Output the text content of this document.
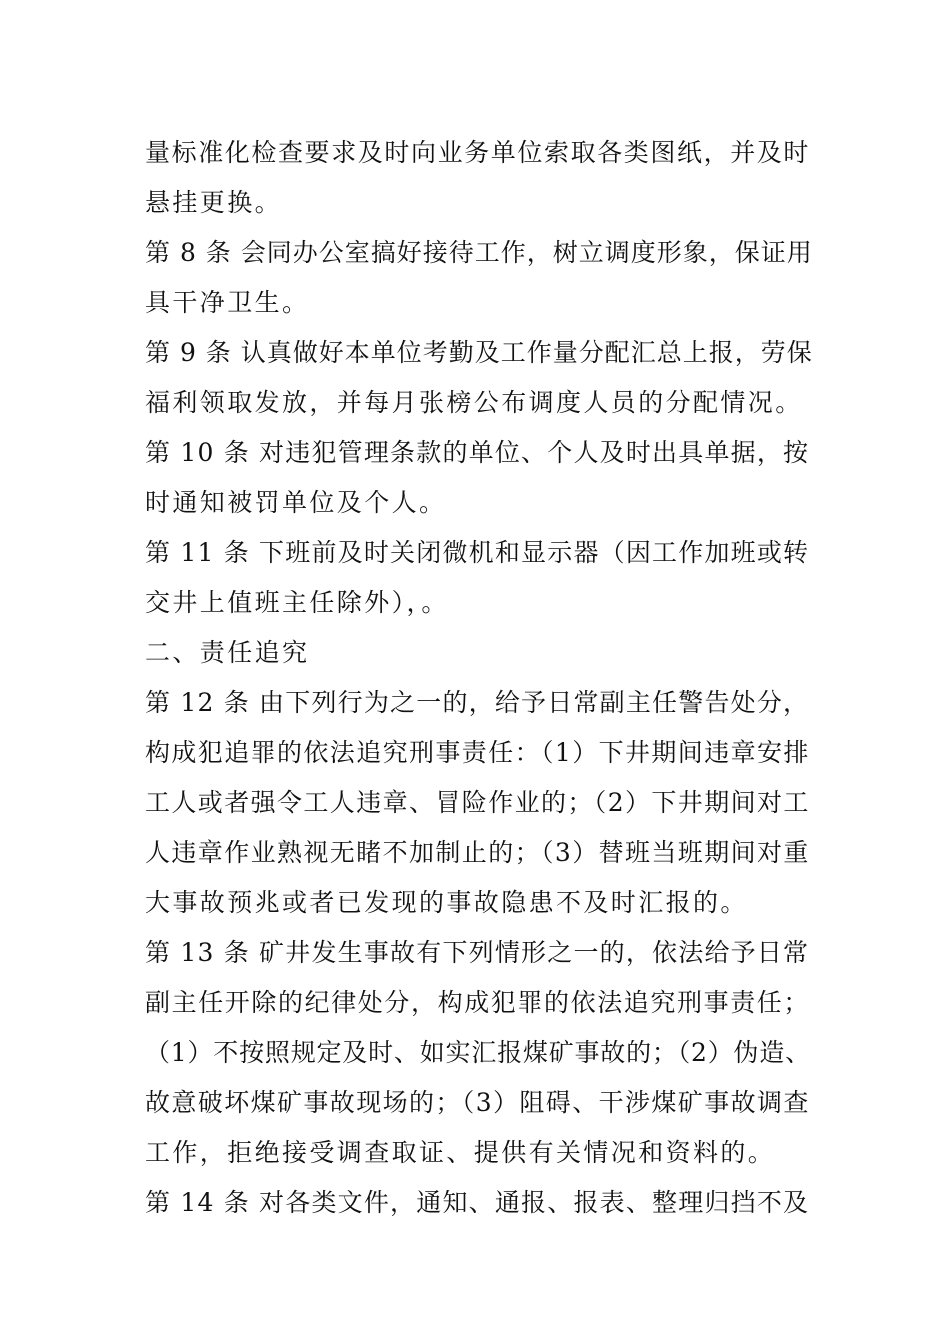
量标准化检查要求及时向业务单位索取各类图纸，并及时
悬挂更换。
第 8 条 会同办公室搞好接待工作，树立调度形象，保证用
具干净卫生。
第 9 条 认真做好本单位考勤及工作量分配汇总上报，劳保
福利领取发放，并每月张榜公布调度人员的分配情况。
第 10 条 对违犯管理条款的单位、个人及时出具单据，按
时通知被罚单位及个人。
第 11 条 下班前及时关闭微机和显示器（因工作加班或转
交井上值班主任除外），。
二、责任追究
第 12 条 由下列行为之一的，给予日常副主任警告处分，
构成犯追罪的依法追究刑事责任：（1）下井期间违章安排
工人或者强令工人违章、冒险作业的；（2）下井期间对工
人违章作业熟视无睹不加制止的；（3）替班当班期间对重
大事故预兆或者已发现的事故隐患不及时汇报的。
第 13 条 矿井发生事故有下列情形之一的，依法给予日常
副主任开除的纪律处分，构成犯罪的依法追究刑事责任；
（1）不按照规定及时、如实汇报煤矿事故的；（2）伪造、
故意破坏煤矿事故现场的；（3）阻碍、干涉煤矿事故调查
工作，拒绝接受调查取证、提供有关情况和资料的。
第 14 条 对各类文件，通知、通报、报表、整理归挡不及
